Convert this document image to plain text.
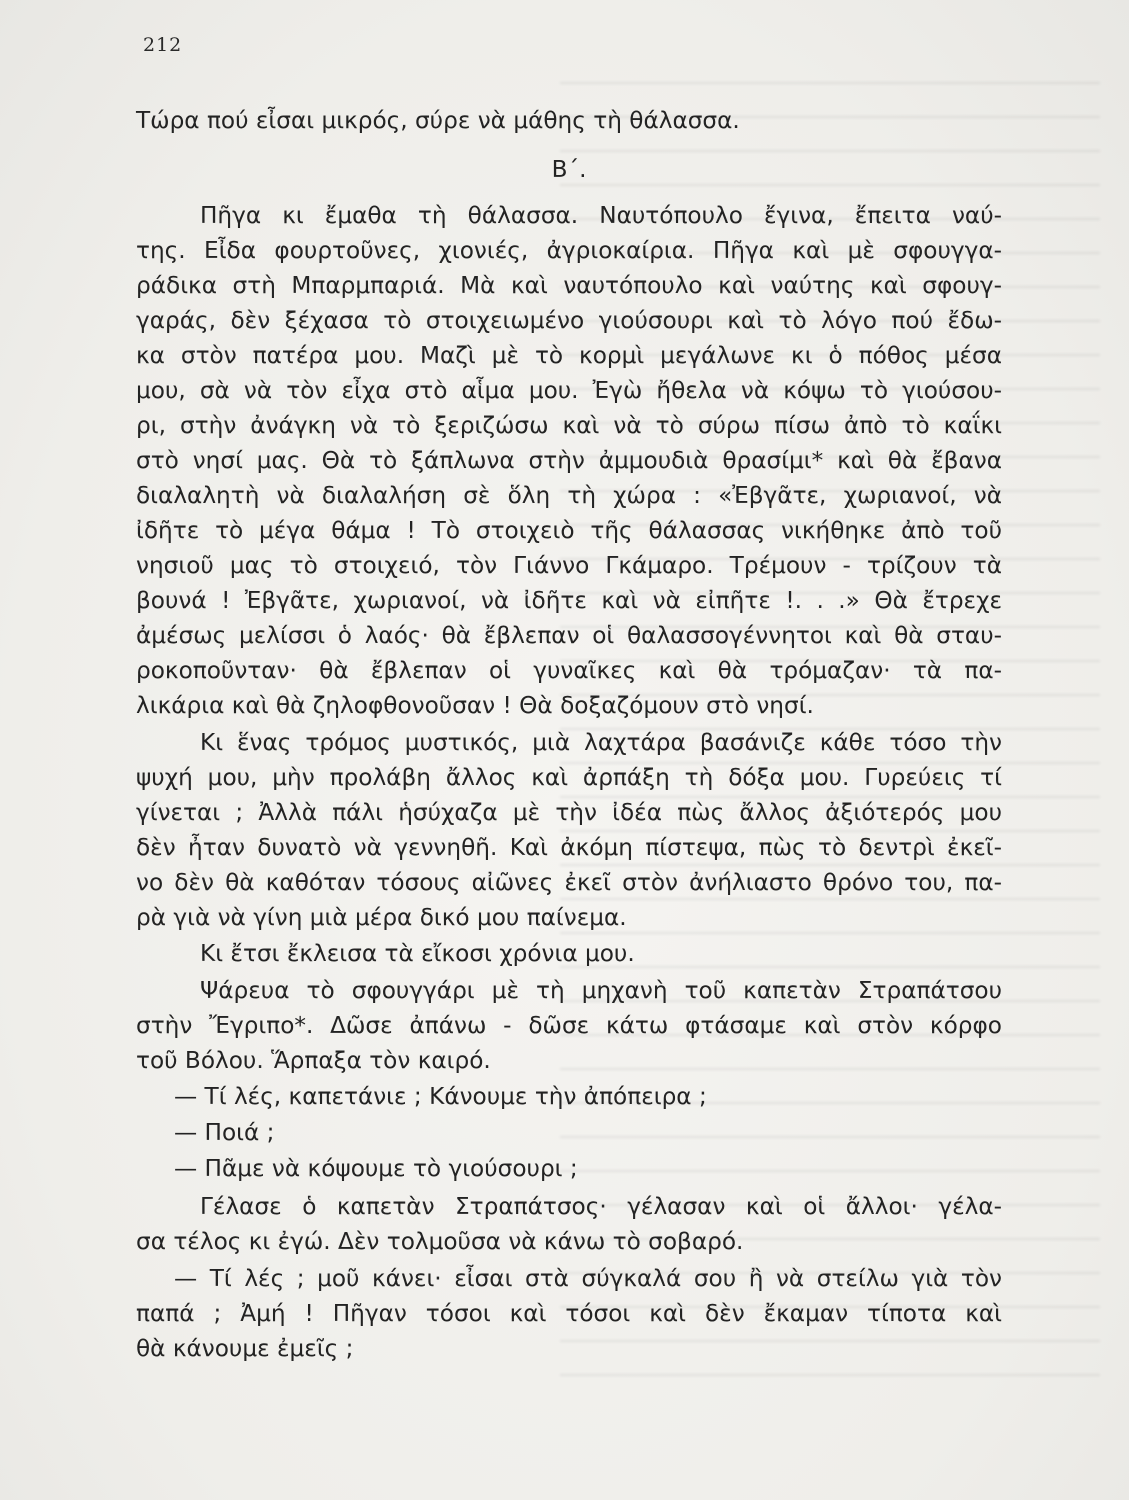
212
Τώρα πού εἶσαι μικρός, σύρε νὰ μάθης τὴ θάλασσα.
Β΄.
Πῆγα κι ἔμαθα τὴ θάλασσα. Ναυτόπουλο ἔγινα, ἔπειτα ναύ-
της. Εἶδα φουρτοῦνες, χιονιές, ἀγριοκαίρια. Πῆγα καὶ μὲ σφουγγα-
ράδικα στὴ Μπαρμπαριά. Μὰ καὶ ναυτόπουλο καὶ ναύτης καὶ σφουγ-
γαράς, δὲν ξέχασα τὸ στοιχειωμένο γιούσουρι καὶ τὸ λόγο πού ἔδω-
κα στὸν πατέρα μου. Μαζὶ μὲ τὸ κορμὶ μεγάλωνε κι ὁ πόθος μέσα
μου, σὰ νὰ τὸν εἶχα στὸ αἷμα μου. Ἐγὼ ἤθελα νὰ κόψω τὸ γιούσου-
ρι, στὴν ἀνάγκη νὰ τὸ ξεριζώσω καὶ νὰ τὸ σύρω πίσω ἀπὸ τὸ καΐκι
στὸ νησί μας. Θὰ τὸ ξάπλωνα στὴν ἀμμουδιὰ θρασίμι* καὶ θὰ ἔβανα
διαλαλητὴ νὰ διαλαλήση σὲ ὅλη τὴ χώρα : «Ἐβγᾶτε, χωριανοί, νὰ
ἰδῆτε τὸ μέγα θάμα ! Τὸ στοιχειὸ τῆς θάλασσας νικήθηκε ἀπὸ τοῦ
νησιοῦ μας τὸ στοιχειό, τὸν Γιάννο Γκάμαρο. Τρέμουν - τρίζουν τὰ
βουνά ! Ἐβγᾶτε, χωριανοί, νὰ ἰδῆτε καὶ νὰ εἰπῆτε !. . .» Θὰ ἔτρεχε
ἀμέσως μελίσσι ὁ λαός· θὰ ἔβλεπαν οἱ θαλασσογέννητοι καὶ θὰ σταυ-
ροκοποῦνταν· θὰ ἔβλεπαν οἱ γυναῖκες καὶ θὰ τρόμαζαν· τὰ πα-
λικάρια καὶ θὰ ζηλοφθονοῦσαν ! Θὰ δοξαζόμουν στὸ νησί.
Κι ἕνας τρόμος μυστικός, μιὰ λαχτάρα βασάνιζε κάθε τόσο τὴν
ψυχή μου, μὴν προλάβη ἄλλος καὶ ἀρπάξη τὴ δόξα μου. Γυρεύεις τί
γίνεται ; Ἀλλὰ πάλι ἡσύχαζα μὲ τὴν ἰδέα πὼς ἄλλος ἀξιότερός μου
δὲν ἦταν δυνατὸ νὰ γεννηθῆ. Καὶ ἀκόμη πίστεψα, πὼς τὸ δεντρὶ ἐκεῖ-
νο δὲν θὰ καθόταν τόσους αἰῶνες ἐκεῖ στὸν ἀνήλιαστο θρόνο του, πα-
ρὰ γιὰ νὰ γίνη μιὰ μέρα δικό μου παίνεμα.
Κι ἔτσι ἔκλεισα τὰ εἴκοσι χρόνια μου.
Ψάρευα τὸ σφουγγάρι μὲ τὴ μηχανὴ τοῦ καπετὰν Στραπάτσου
στὴν Ἔγριπο*. Δῶσε ἀπάνω - δῶσε κάτω φτάσαμε καὶ στὸν κόρφο
τοῦ Βόλου. Ἅρπαξα τὸν καιρό.
— Τί λές, καπετάνιε ; Κάνουμε τὴν ἀπόπειρα ;
— Ποιά ;
— Πᾶμε νὰ κόψουμε τὸ γιούσουρι ;
Γέλασε ὁ καπετὰν Στραπάτσος· γέλασαν καὶ οἱ ἄλλοι· γέλα-
σα τέλος κι ἐγώ. Δὲν τολμοῦσα νὰ κάνω τὸ σοβαρό.
— Τί λές ; μοῦ κάνει· εἶσαι στὰ σύγκαλά σου ἢ νὰ στείλω γιὰ τὸν
παπά ; Ἀμή ! Πῆγαν τόσοι καὶ τόσοι καὶ δὲν ἔκαμαν τίποτα καὶ
θὰ κάνουμε ἐμεῖς ;
